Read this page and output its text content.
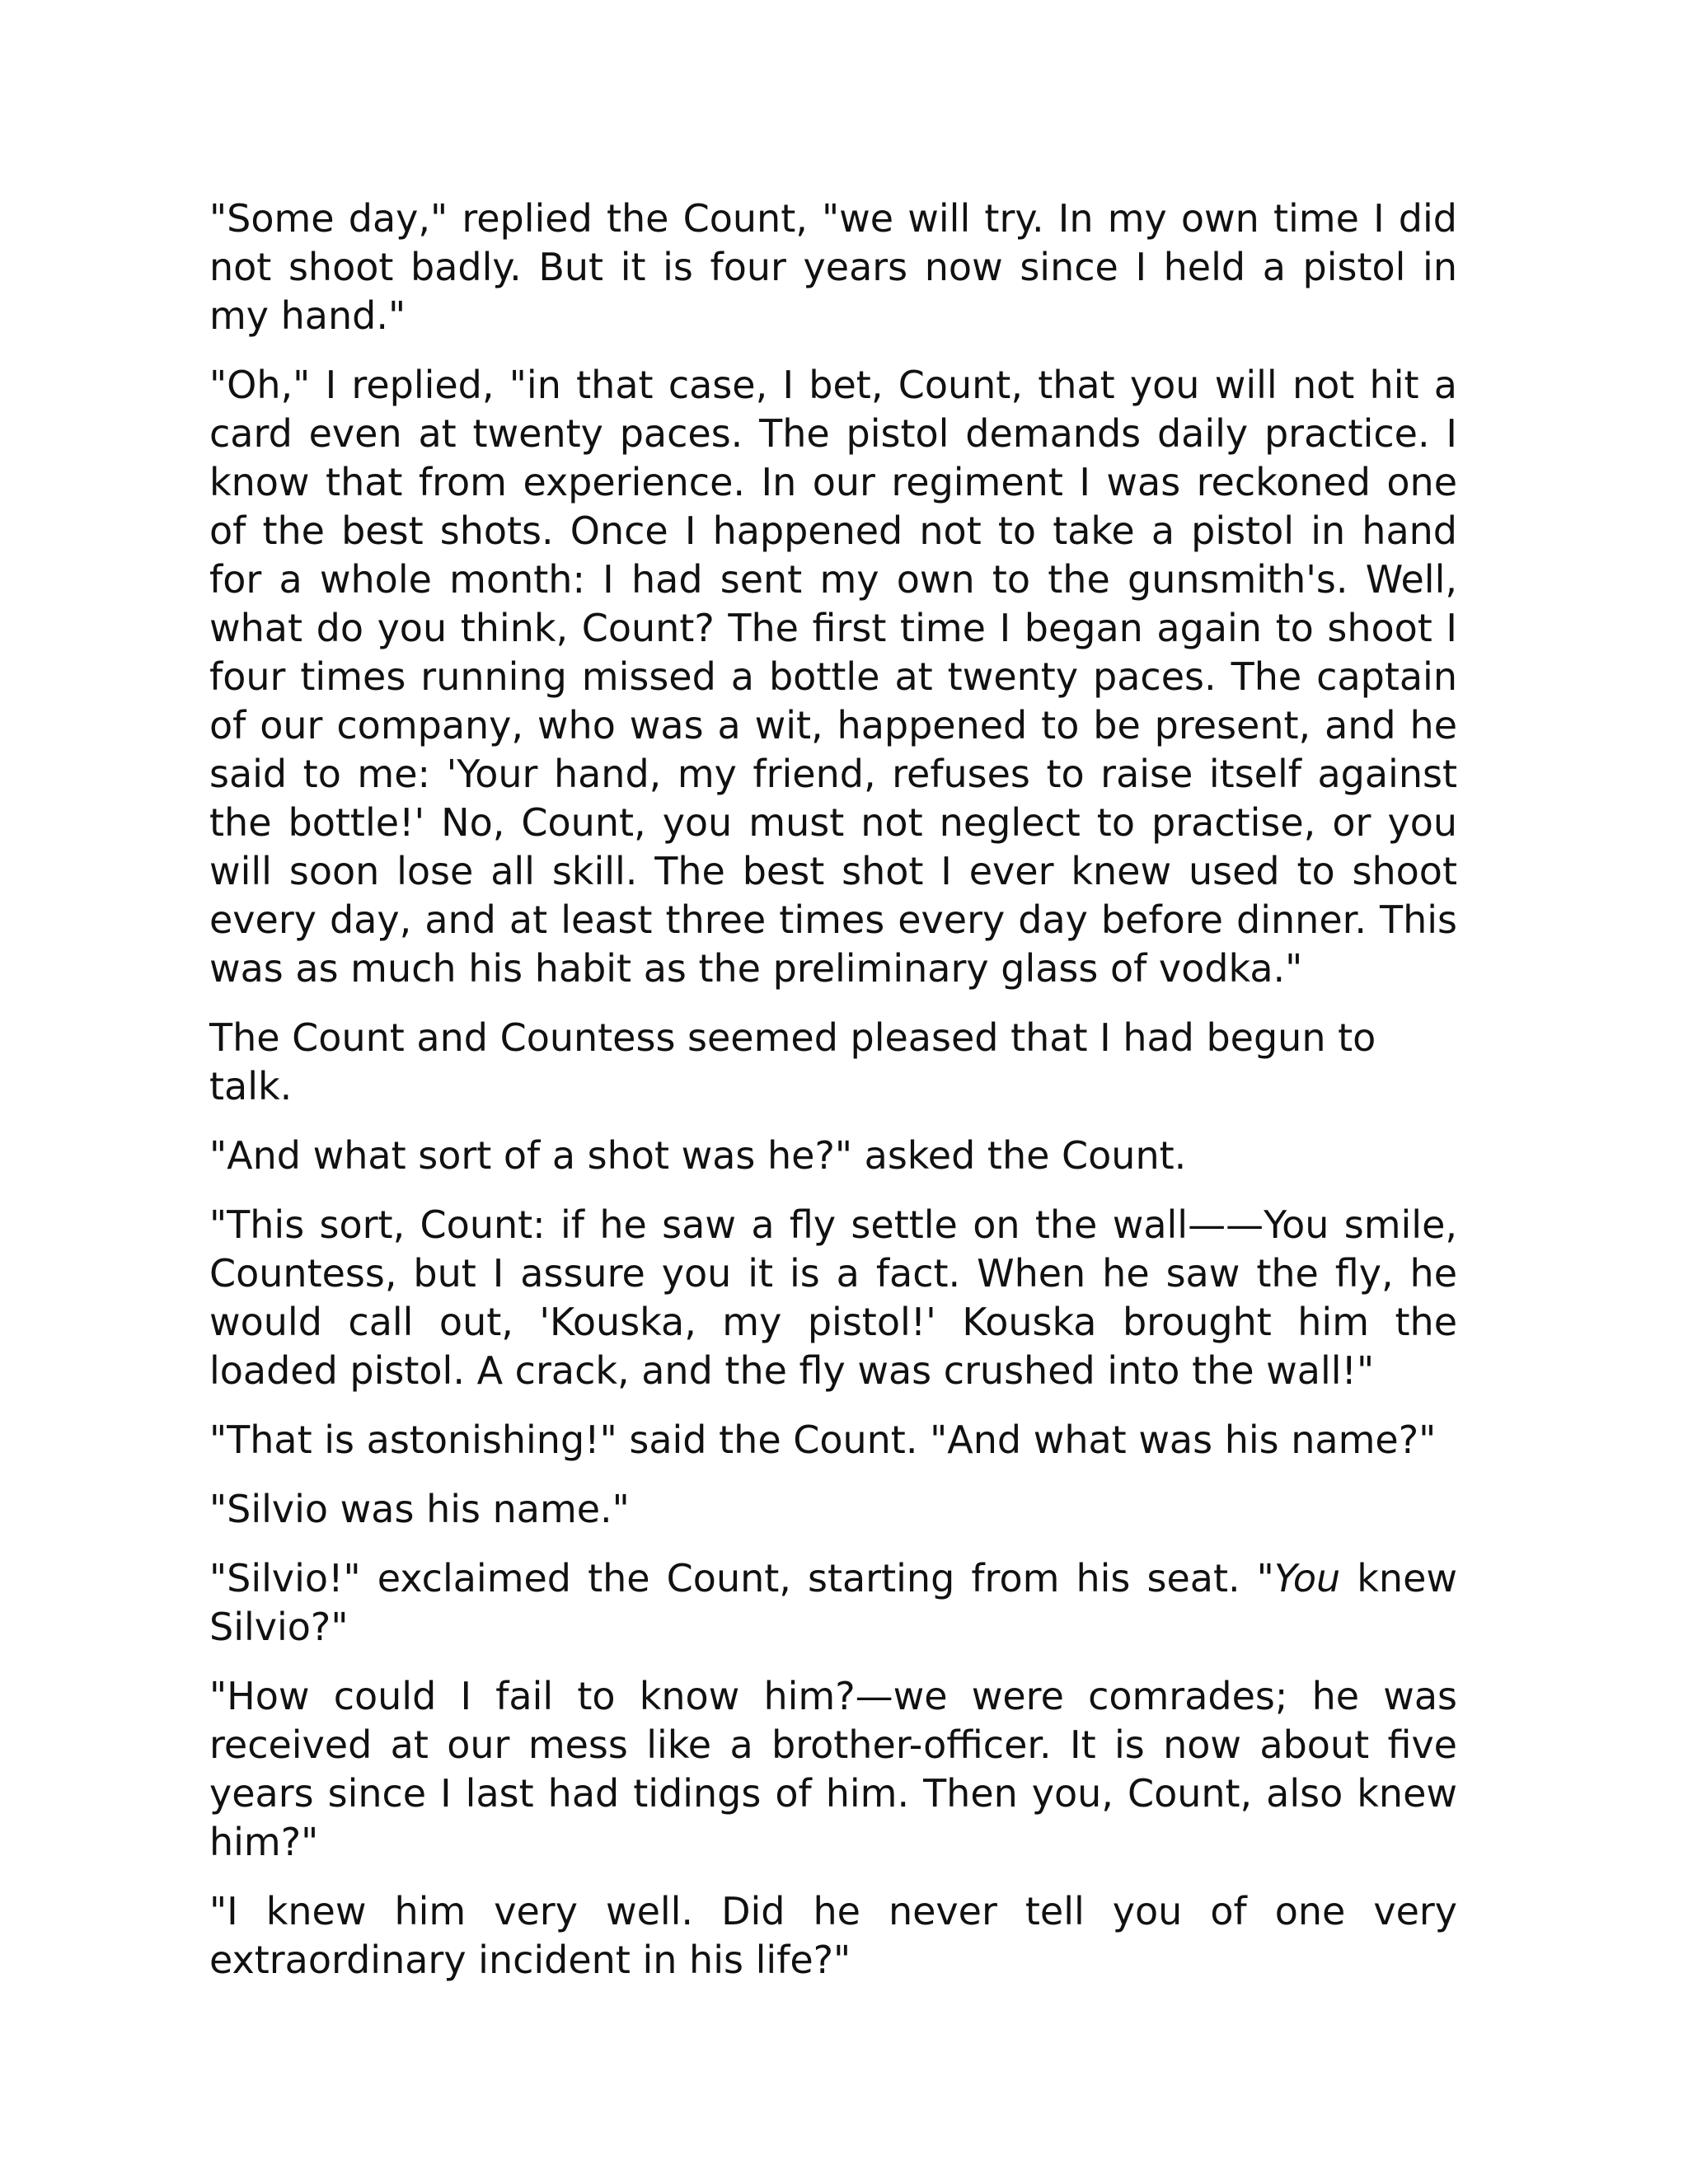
"Some day," replied the Count, "we will try. In my own time I did not shoot badly. But it is four years now since I held a pistol in my hand."

"Oh," I replied, "in that case, I bet, Count, that you will not hit a card even at twenty paces. The pistol demands daily practice. I know that from experience. In our regiment I was reckoned one of the best shots. Once I happened not to take a pistol in hand for a whole month: I had sent my own to the gunsmith's. Well, what do you think, Count? The first time I began again to shoot I four times running missed a bottle at twenty paces. The captain of our company, who was a wit, happened to be present, and he said to me: 'Your hand, my friend, refuses to raise itself against the bottle!' No, Count, you must not neglect to practise, or you will soon lose all skill. The best shot I ever knew used to shoot every day, and at least three times every day before dinner. This was as much his habit as the preliminary glass of vodka."

The Count and Countess seemed pleased that I had begun to talk.

"And what sort of a shot was he?" asked the Count.

"This sort, Count: if he saw a fly settle on the wall——You smile, Countess, but I assure you it is a fact. When he saw the fly, he would call out, 'Kouska, my pistol!' Kouska brought him the loaded pistol. A crack, and the fly was crushed into the wall!"

"That is astonishing!" said the Count. "And what was his name?"

"Silvio was his name."

"Silvio!" exclaimed the Count, starting from his seat. "You knew Silvio?"

"How could I fail to know him?—we were comrades; he was received at our mess like a brother-officer. It is now about five years since I last had tidings of him. Then you, Count, also knew him?"

"I knew him very well. Did he never tell you of one very extraordinary incident in his life?"
